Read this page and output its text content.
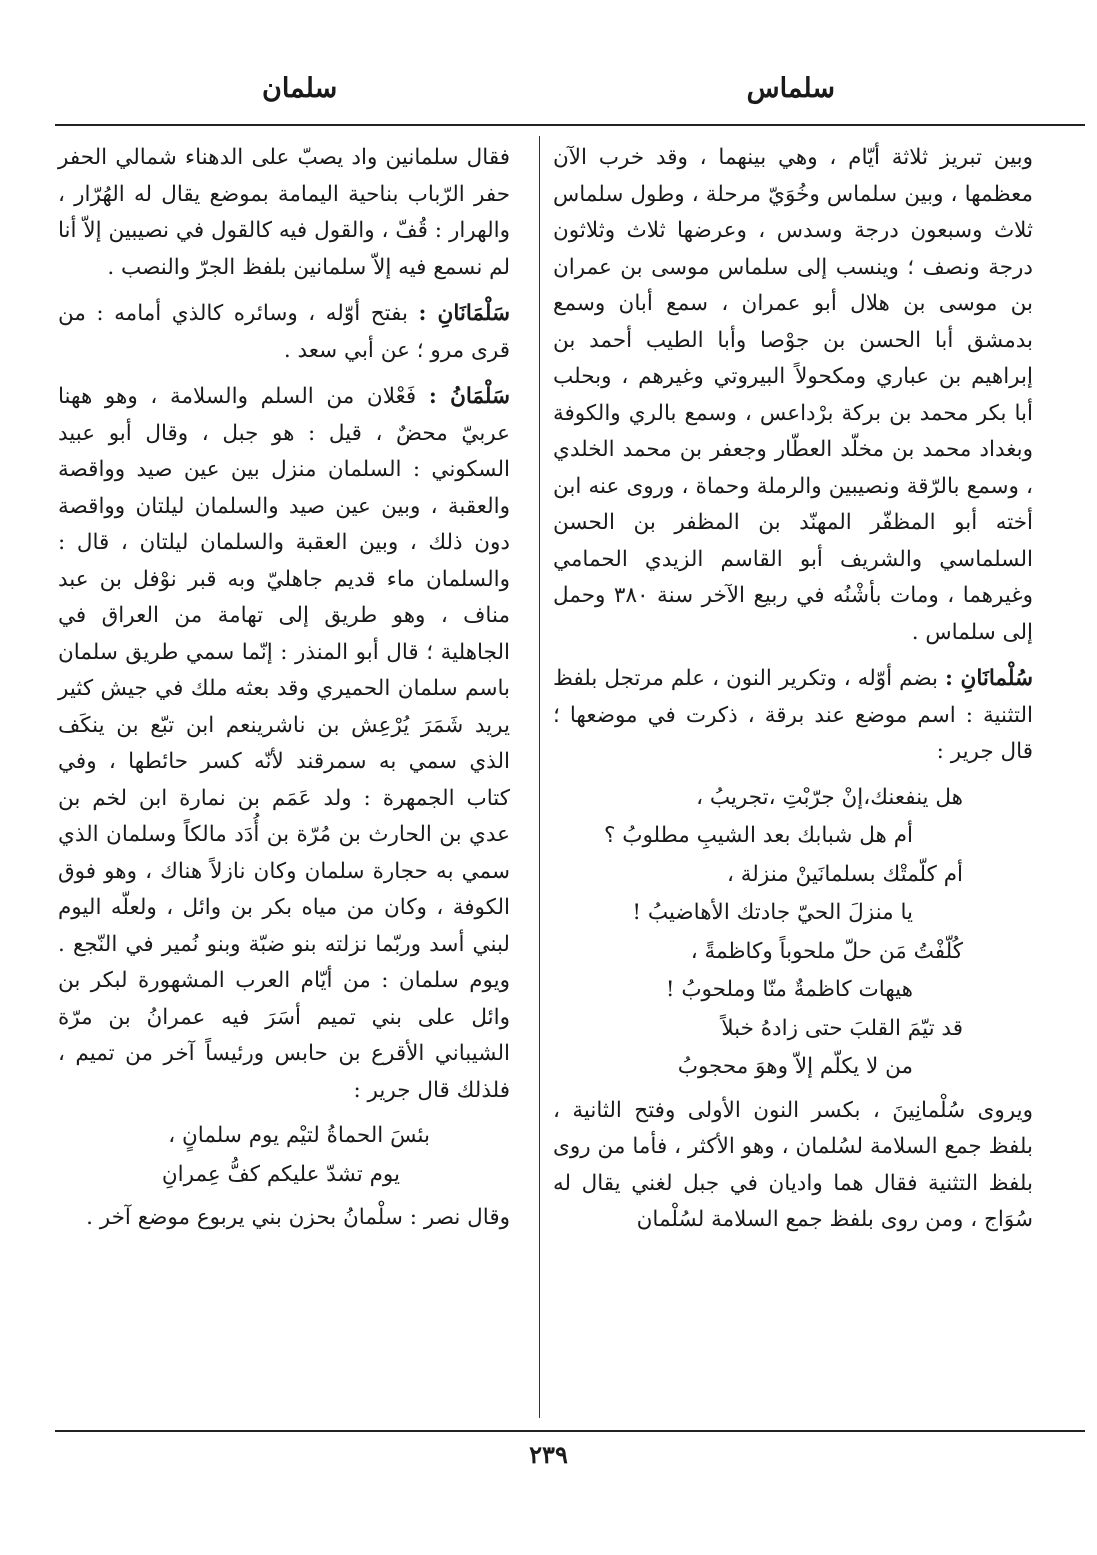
سلماس
سلمان

وبين تبريز ثلاثة أيّام ، وهي بينهما ، وقد خرب الآن معظمها ، وبين سلماس وخُوَيّ مرحلة ، وطول سلماس ثلاث وسبعون درجة وسدس ، وعرضها ثلاث وثلاثون درجة ونصف ؛ وينسب إلى سلماس موسى بن عمران بن موسى بن هلال أبو عمران ، سمع أبان وسمع بدمشق أبا الحسن بن جوْصا وأبا الطيب أحمد بن إبراهيم بن عباري ومكحولاً البيروتي وغيرهم ، وبحلب أبا بكر محمد بن بركة برْداعس ، وسمع بالري والكوفة وبغداد محمد بن مخلّد العطّار وجعفر بن محمد الخلدي ، وسمع بالرّقة ونصيبين والرملة وحماة ، وروى عنه ابن أخته أبو المظفّر المهنّد بن المظفر بن الحسن السلماسي والشريف أبو القاسم الزيدي الحمامي وغيرهما ، ومات بأشْنُه في ربيع الآخر سنة ٣٨٠ وحمل إلى سلماس .

سُلْمانَانِ : بضم أوّله ، وتكرير النون ، علم مرتجل بلفظ التثنية : اسم موضع عند برقة ، ذكرت في موضعها ؛ قال جرير :

هل ينفعنك،إنْ جرّبْتِ ،تجريبُ ،
أم هل شبابك بعد الشيبِ مطلوبُ ؟
أم كلّمتْك بسلمانَينْ منزلة ،
يا منزلَ الحيّ جادتك الأهاضيبُ !
كُلّفْتُ مَن حلّ ملحوباً وكاظمةً ،
هيهات كاظمةٌ منّا وملحوبُ !
قد تيّمَ القلبَ حتى زادهُ خبلاً
من لا يكلّم إلاّ وهوَ محجوبُ

ويروى سُلْمانِينَ ، بكسر النون الأولى وفتح الثانية ، بلفظ جمع السلامة لسُلمان ، وهو الأكثر ، فأما من روى بلفظ التثنية فقال هما واديان في جبل لغني يقال له سُوَاج ، ومن روى بلفظ جمع السلامة لسُلْمان

فقال سلمانين واد يصبّ على الدهناء شمالي الحفر حفر الرّباب بناحية اليمامة بموضع يقال له الهُرّار ، والهرار : قُفّ ، والقول فيه كالقول في نصيبين إلاّ أنا لم نسمع فيه إلاّ سلمانين بلفظ الجرّ والنصب .

سَلْمَانَانِ : بفتح أوّله ، وسائره كالذي أمامه : من قرى مرو ؛ عن أبي سعد .

سَلْمَانُ : فَعْلان من السلم والسلامة ، وهو ههنا عربيّ محضٌ ، قيل : هو جبل ، وقال أبو عبيد السكوني : السلمان منزل بين عين صيد وواقصة والعقبة ، وبين عين صيد والسلمان ليلتان وواقصة دون ذلك ، وبين العقبة والسلمان ليلتان ، قال : والسلمان ماء قديم جاهليّ وبه قبر نوْفل بن عبد مناف ، وهو طريق إلى تهامة من العراق في الجاهلية ؛ قال أبو المنذر : إنّما سمي طريق سلمان باسم سلمان الحميري وقد بعثه ملك في جيش كثير يريد شَمَرَ يُرْعِش بن ناشرينعم ابن تبّع بن ينكَف الذي سمي به سمرقند لأنّه كسر حائطها ، وفي كتاب الجمهرة : ولد عَمَم بن نمارة ابن لخم بن عدي بن الحارث بن مُرّة بن أُدَد مالكاً وسلمان الذي سمي به حجارة سلمان وكان نازلاً هناك ، وهو فوق الكوفة ، وكان من مياه بكر بن وائل ، ولعلّه اليوم لبني أسد وربّما نزلته بنو ضبّة وبنو نُمير في النّجع . ويوم سلمان : من أيّام العرب المشهورة لبكر بن وائل على بني تميم أسَرَ فيه عمرانُ بن مرّة الشيباني الأقرع بن حابس ورئيساً آخر من تميم ، فلذلك قال جرير :

بئسَ الحماةُ لتيْم يوم سلمانٍ ،
يوم تشدّ عليكم كفُّ عِمرانِ

وقال نصر : سلْمانُ بحزن بني يربوع موضع آخر .

٢٣٩
